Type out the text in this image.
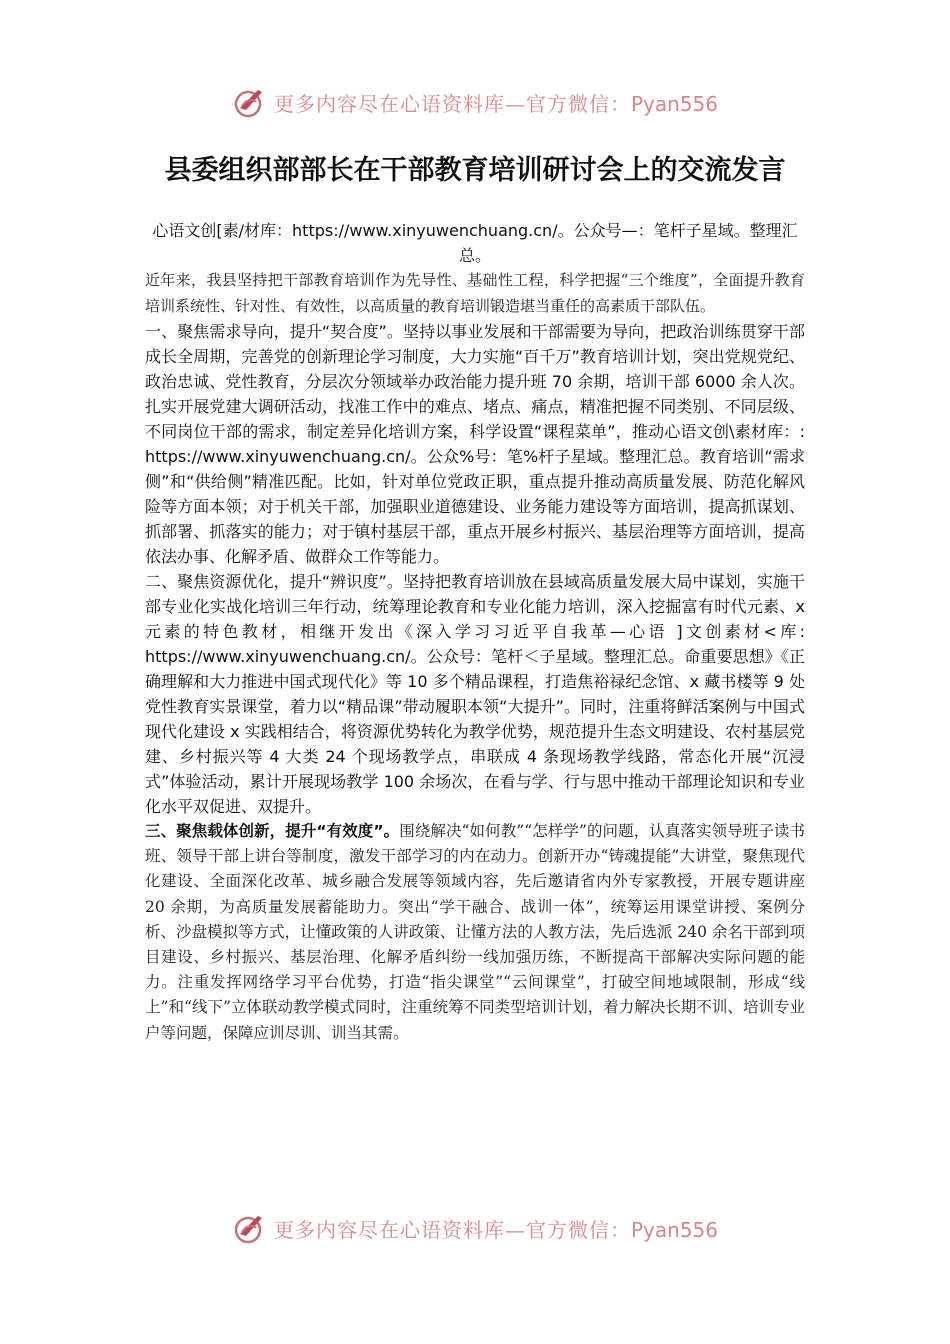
更多内容尽在心语资料库—官方微信：Pyan556
县委组织部部长在干部教育培训研讨会上的交流发言

心语文创[素/材库：https://www.xinyuwenchuang.cn/。公众号—：笔杆子星域。整理汇总。

近年来，我县坚持把干部教育培训作为先导性、基础性工程，科学把握“三个维度”，全面提升教育培训系统性、针对性、有效性，以高质量的教育培训锻造堪当重任的高素质干部队伍。

一、聚焦需求导向，提升“契合度”。坚持以事业发展和干部需要为导向，把政治训练贯穿干部成长全周期，完善党的创新理论学习制度，大力实施“百千万”教育培训计划，突出党规党纪、政治忠诚、党性教育，分层次分领域举办政治能力提升班 70 余期，培训干部 6000 余人次。扎实开展党建大调研活动，找准工作中的难点、堵点、痛点，精准把握不同类别、不同层级、不同岗位干部的需求，制定差异化培训方案，科学设置“课程菜单”，推动心语文创\素材库：: https://www.xinyuwenchuang.cn/。公众%号：笔%杆子星域。整理汇总。教育培训“需求侧”和“供给侧”精准匹配。比如，针对单位党政正职，重点提升推动高质量发展、防范化解风险等方面本领；对于机关干部，加强职业道德建设、业务能力建设等方面培训，提高抓谋划、抓部署、抓落实的能力；对于镇村基层干部，重点开展乡村振兴、基层治理等方面培训，提高依法办事、化解矛盾、做群众工作等能力。

二、聚焦资源优化，提升“辨识度”。坚持把教育培训放在县域高质量发展大局中谋划，实施干部专业化实战化培训三年行动，统筹理论教育和专业化能力培训，深入挖掘富有时代元素、x 元素的特色教材，相继开发出《深入学习习近平自我革—心语 ]文创素材<库: https://www.xinyuwenchuang.cn/。公众号：笔杆＜子星域。整理汇总。命重要思想》《正确理解和大力推进中国式现代化》等 10 多个精品课程，打造焦裕禄纪念馆、x 藏书楼等 9 处党性教育实景课堂，着力以“精品课”带动履职本领“大提升”。同时，注重将鲜活案例与中国式现代化建设 x 实践相结合，将资源优势转化为教学优势，规范提升生态文明建设、农村基层党建、乡村振兴等 4 大类 24 个现场教学点，串联成 4 条现场教学线路，常态化开展“沉浸式”体验活动，累计开展现场教学 100 余场次，在看与学、行与思中推动干部理论知识和专业化水平双促进、双提升。

三、聚焦载体创新，提升“有效度”。围绕解决“如何教”“怎样学”的问题，认真落实领导班子读书班、领导干部上讲台等制度，激发干部学习的内在动力。创新开办“铸魂提能”大讲堂，聚焦现代化建设、全面深化改革、城乡融合发展等领域内容，先后邀请省内外专家教授，开展专题讲座 20 余期，为高质量发展蓄能助力。突出“学干融合、战训一体”，统筹运用课堂讲授、案例分析、沙盘模拟等方式，让懂政策的人讲政策、让懂方法的人教方法，先后选派 240 余名干部到项目建设、乡村振兴、基层治理、化解矛盾纠纷一线加强历练，不断提高干部解决实际问题的能力。注重发挥网络学习平台优势，打造“指尖课堂”“云间课堂”，打破空间地域限制，形成“线上”和“线下”立体联动教学模式同时，注重统筹不同类型培训计划，着力解决长期不训、培训专业户等问题，保障应训尽训、训当其需。

更多内容尽在心语资料库—官方微信：Pyan556
